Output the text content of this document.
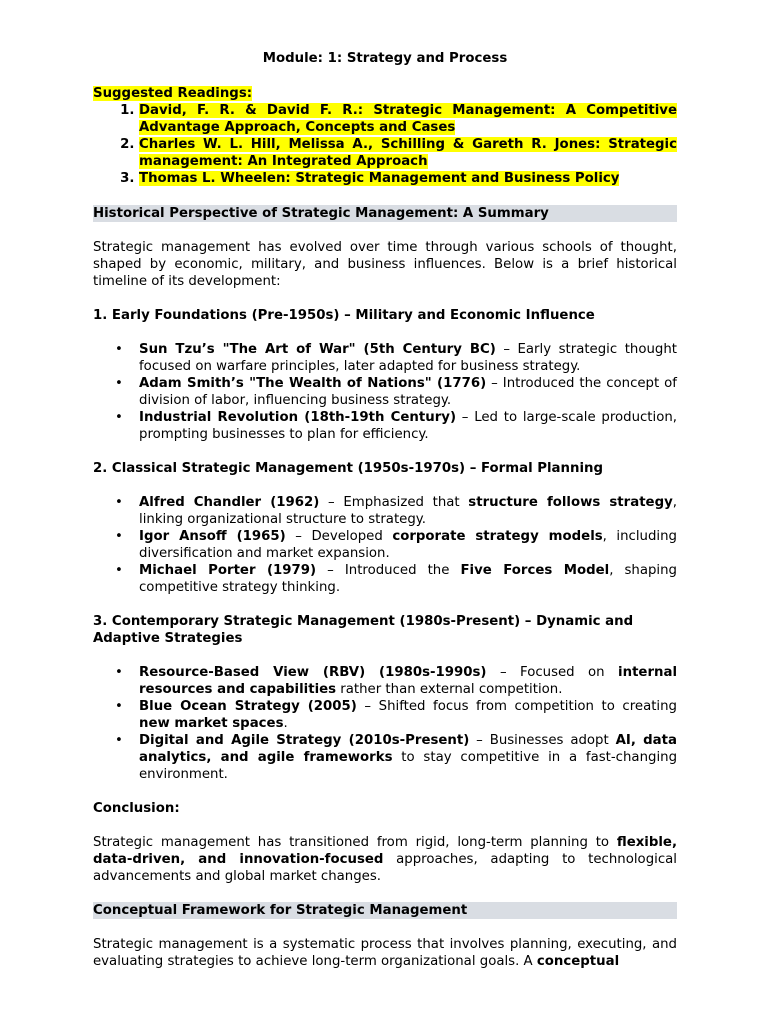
Module: 1: Strategy and Process
Suggested Readings:
1. David, F. R. & David F. R.: Strategic Management: A Competitive Advantage Approach, Concepts and Cases
2. Charles W. L. Hill, Melissa A., Schilling & Gareth R. Jones: Strategic management: An Integrated Approach
3. Thomas L. Wheelen: Strategic Management and Business Policy
Historical Perspective of Strategic Management: A Summary

Strategic management has evolved over time through various schools of thought, shaped by economic, military, and business influences. Below is a brief historical timeline of its development:

1. Early Foundations (Pre-1950s) – Military and Economic Influence
• Sun Tzu’s "The Art of War" (5th Century BC) – Early strategic thought focused on warfare principles, later adapted for business strategy.
• Adam Smith’s "The Wealth of Nations" (1776) – Introduced the concept of division of labor, influencing business strategy.
• Industrial Revolution (18th-19th Century) – Led to large-scale production, prompting businesses to plan for efficiency.
2. Classical Strategic Management (1950s-1970s) – Formal Planning
• Alfred Chandler (1962) – Emphasized that structure follows strategy, linking organizational structure to strategy.
• Igor Ansoff (1965) – Developed corporate strategy models, including diversification and market expansion.
• Michael Porter (1979) – Introduced the Five Forces Model, shaping competitive strategy thinking.
3. Contemporary Strategic Management (1980s-Present) – Dynamic and Adaptive Strategies
• Resource-Based View (RBV) (1980s-1990s) – Focused on internal resources and capabilities rather than external competition.
• Blue Ocean Strategy (2005) – Shifted focus from competition to creating new market spaces.
• Digital and Agile Strategy (2010s-Present) – Businesses adopt AI, data analytics, and agile frameworks to stay competitive in a fast-changing environment.
Conclusion:

Strategic management has transitioned from rigid, long-term planning to flexible, data-driven, and innovation-focused approaches, adapting to technological advancements and global market changes.

Conceptual Framework for Strategic Management

Strategic management is a systematic process that involves planning, executing, and evaluating strategies to achieve long-term organizational goals. A conceptual
